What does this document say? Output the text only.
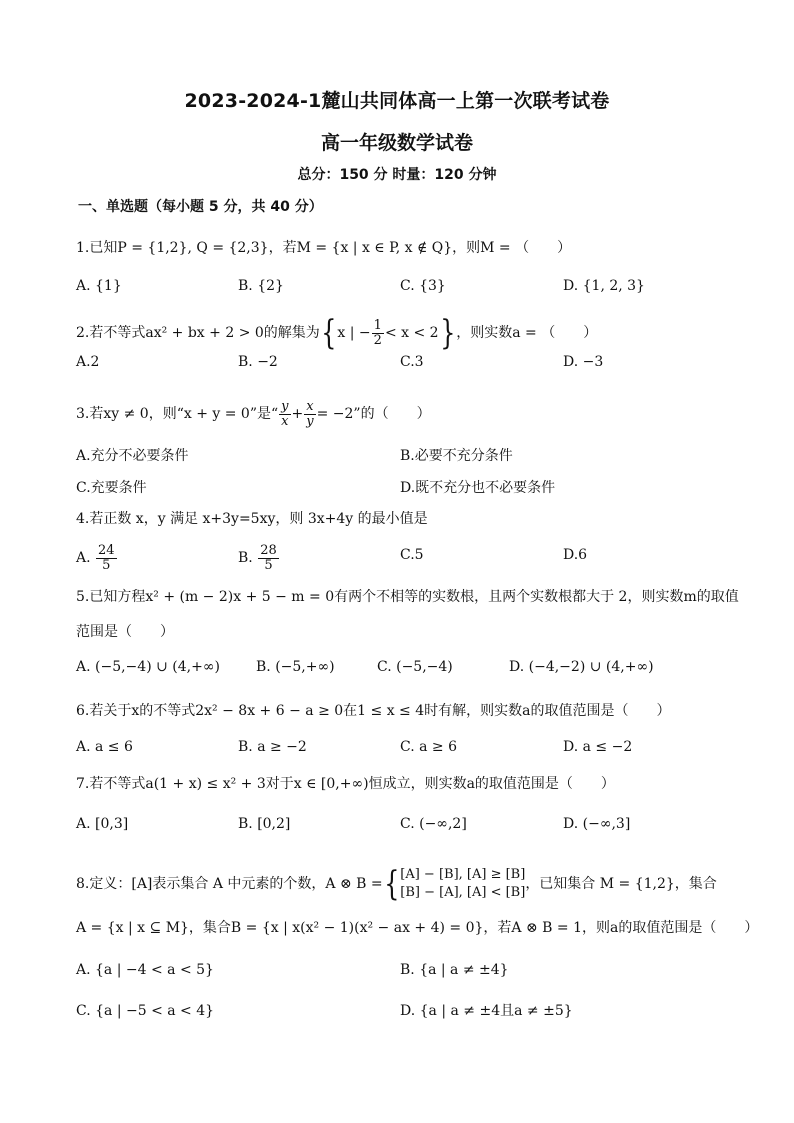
2023-2024-1麓山共同体高一上第一次联考试卷
高一年级数学试卷
总分：150 分 时量：120 分钟
一、单选题（每小题 5 分，共 40 分）
1.已知P = {1,2}, Q = {2,3}，若M = {x | x ∈ P, x ∉ Q}，则M = （　　）
A. {1}	B. {2}	C. {3}	D. {1, 2, 3}
2.若不等式ax² + bx + 2 > 0的解集为{x | − $\frac{1}{2} < x < 2$}，则实数a = （　　）
A.2	B. −2	C.3	D. −3
3.若xy ≠ 0，则“x + y = 0”是“ $\frac{y}{x} + \frac{x}{y} = -2$”的（　　）
A.充分不必要条件	B.必要不充分条件
C.充要条件	D.既不充分也不必要条件
4.若正数 x，y 满足 x+3y=5xy，则 3x+4y 的最小值是
A. $\frac{24}{5}$	B. $\frac{28}{5}$	C.5	D.6
5.已知方程x² + (m − 2)x + 5 − m = 0有两个不相等的实数根，且两个实数根都大于 2，则实数m的取值
范围是（　　）
A. (−5,−4) ∪ (4,+∞)	B. (−5,+∞)	C. (−5,−4)	D. (−4,−2) ∪ (4,+∞)
6.若关于x的不等式2x² − 8x + 6 − a ≥ 0在1 ≤ x ≤ 4时有解，则实数a的取值范围是（　　）
A. a ≤ 6	B. a ≥ −2	C. a ≥ 6	D. a ≤ −2
7.若不等式a(1 + x) ≤ x² + 3对于x ∈ [0,+∞)恒成立，则实数a的取值范围是（　　）
A. [0,3]	B. [0,2]	C. (−∞,2]	D. (−∞,3]
8.定义：[A]表示集合 A 中元素的个数，A ⊗ B ={ [A] − [B], [A] ≥ [B]
[B] − [A], [A] < [B]
，已知集合 M = {1,2}，集合
A = {x | x ⊆ M}，集合B = {x | x(x² − 1)(x² − ax + 4) = 0}，若A ⊗ B = 1，则a的取值范围是（　　）
A. {a | −4 < a < 5}	B. {a | a ≠ ±4}
C. {a | −5 < a < 4}	D. {a | a ≠ ±4且a ≠ ±5}
